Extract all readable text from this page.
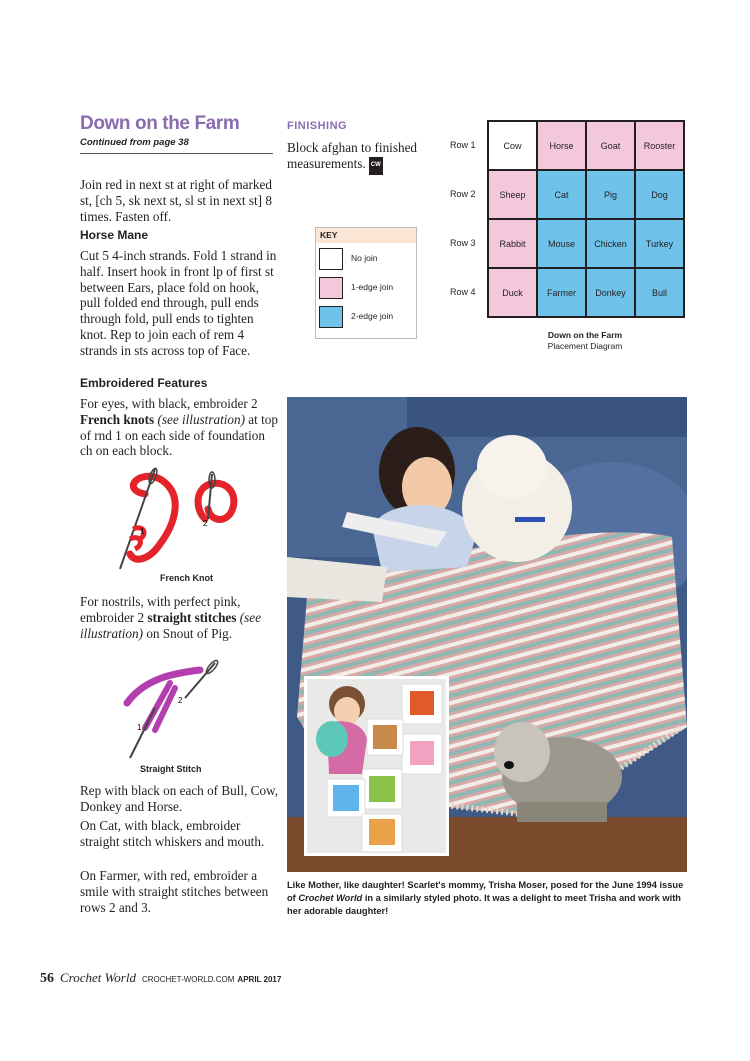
Down on the Farm
Continued from page 38
Join red in next st at right of marked st, [ch 5, sk next st, sl st in next st] 8 times. Fasten off.
Horse Mane
Cut 5 4-inch strands. Fold 1 strand in half. Insert hook in front lp of first st between Ears, place fold on hook, pull folded end through, pull ends through fold, pull ends to tighten knot. Rep to join each of rem 4 strands in sts across top of Face.
Embroidered Features
For eyes, with black, embroider 2 French knots (see illustration) at top of rnd 1 on each side of foundation ch on each block.
1
2
French Knot
For nostrils, with perfect pink, embroider 2 straight stitches (see illustration) on Snout of Pig.
1
2
Straight Stitch
Rep with black on each of Bull, Cow, Donkey and Horse.
On Cat, with black, embroider straight stitch whiskers and mouth.
On Farmer, with red, embroider a smile with straight stitches between rows 2 and 3.
FINISHING
Block afghan to finished measurements. CW
KEY
No join
1-edge join
2-edge join
Row 1
Row 2
Row 3
Row 4
Cow	Horse	Goat	Rooster
Sheep	Cat	Pig	Dog
Rabbit	Mouse	Chicken	Turkey
Duck	Farmer	Donkey	Bull
Down on the Farm
Placement Diagram
Like Mother, like daughter! Scarlet's mommy, Trisha Moser, posed for the June 1994 issue of Crochet World in a similarly styled photo. It was a delight to meet Trisha and work with her adorable daughter!
56 Crochet World CROCHET-WORLD.COM APRIL 2017
